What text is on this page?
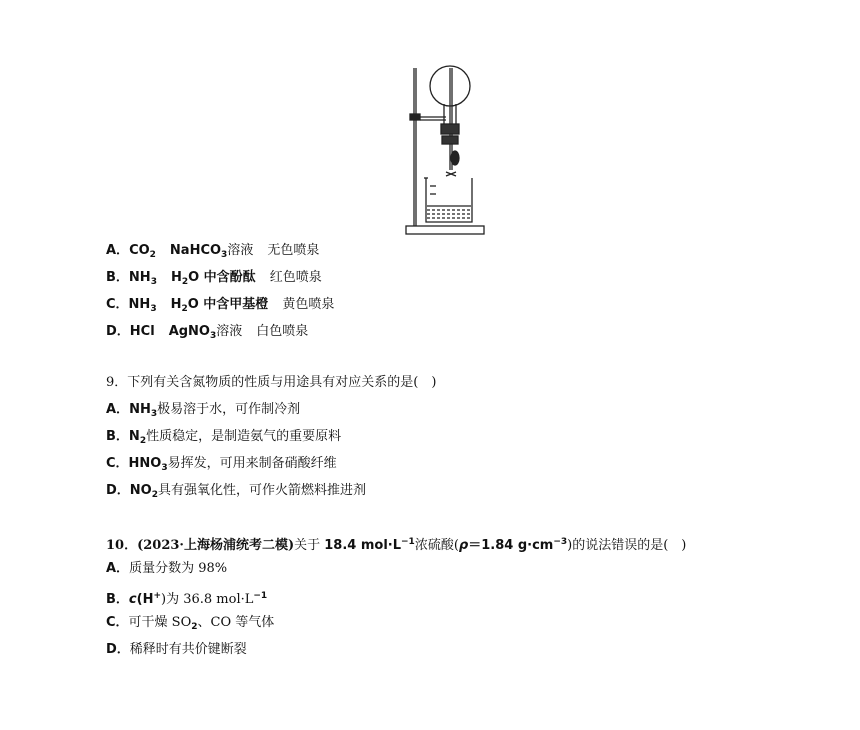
A．$CO_2$ NaHCO$_3$溶液 无色喷泉
B．$NH_3$ $H_2O$ 中含酚酞 红色喷泉
C．$NH_3$ $H_2O$ 中含甲基橙 黄色喷泉
D．HCl AgNO$_3$溶液 白色喷泉
9．下列有关含氮物质的性质与用途具有对应关系的是(　)
A．$NH_3$极易溶于水，可作制冷剂
B．$N_2$性质稳定，是制造氨气的重要原料
C．$HNO_3$易挥发，可用来制备硝酸纤维
D．$NO_2$具有强氧化性，可作火箭燃料推进剂
10．(2023·上海杨浦统考二模)关于 18.4 $mol\cdot L^{-1}$浓硫酸(ρ＝1.84 $g\cdot cm^{-3}$)的说法错误的是(　)
A．质量分数为 98%
B．c(H+)为 36.8 $mol\cdot L^{-1}$
C．可干燥 $SO_2$、CO 等气体
D．稀释时有共价键断裂
